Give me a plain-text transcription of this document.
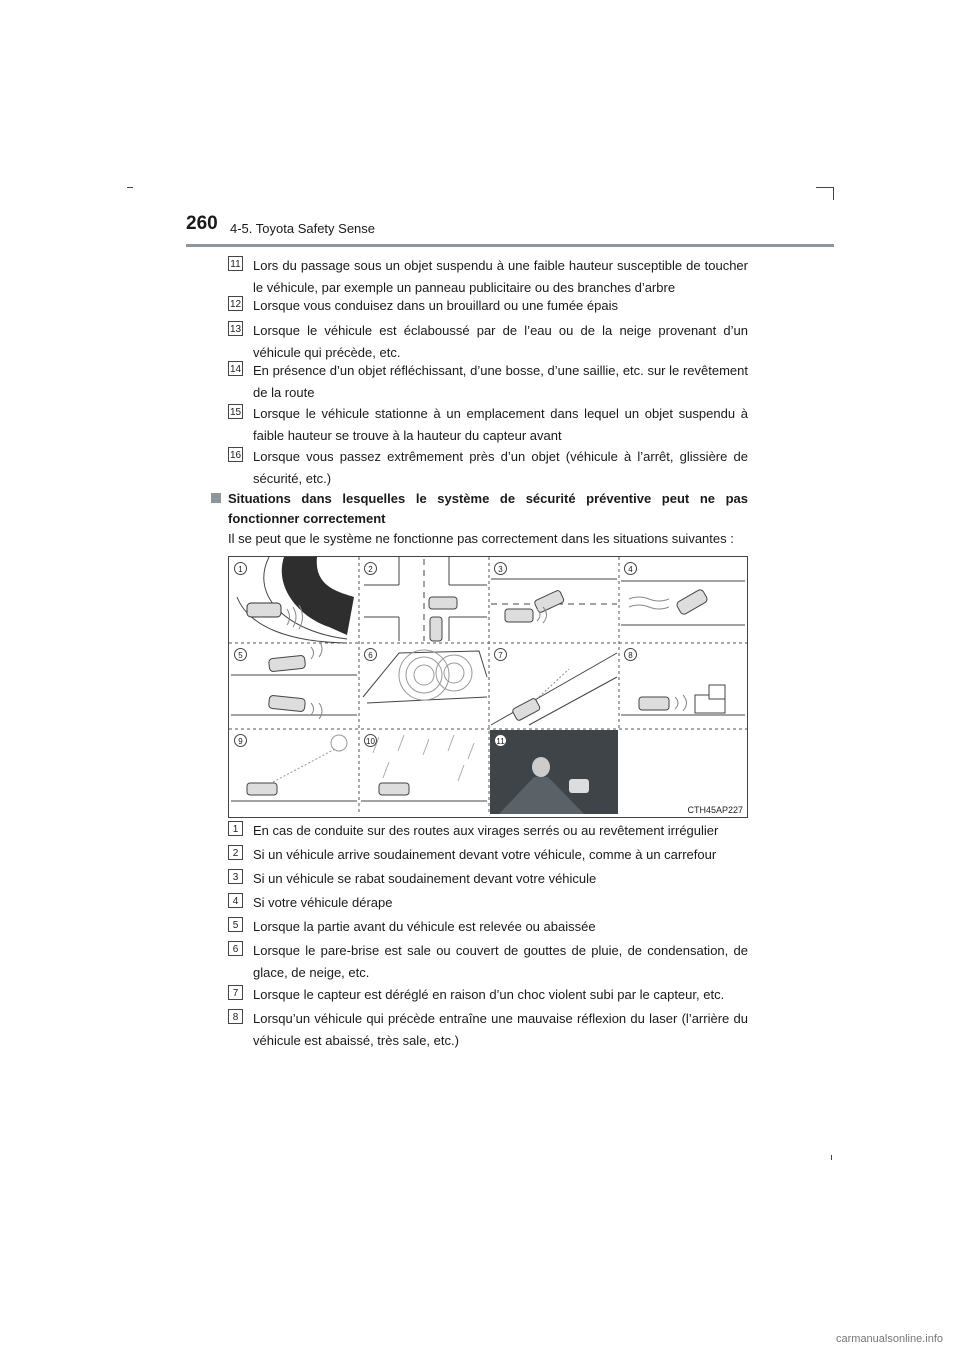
260 4-5. Toyota Safety Sense
11 Lors du passage sous un objet suspendu à une faible hauteur susceptible de toucher le véhicule, par exemple un panneau publicitaire ou des branches d’arbre
12 Lorsque vous conduisez dans un brouillard ou une fumée épais
13 Lorsque le véhicule est éclaboussé par de l’eau ou de la neige provenant d’un véhicule qui précède, etc.
14 En présence d’un objet réfléchissant, d’une bosse, d’une saillie, etc. sur le revêtement de la route
15 Lorsque le véhicule stationne à un emplacement dans lequel un objet suspendu à faible hauteur se trouve à la hauteur du capteur avant
16 Lorsque vous passez extrêmement près d’un objet (véhicule à l’arrêt, glissière de sécurité, etc.)
Situations dans lesquelles le système de sécurité préventive peut ne pas fonctionner correctement
Il se peut que le système ne fonctionne pas correctement dans les situations suivantes :
1	2	3	4
5	6	7	8
9	10	11
CTH45AP227
1	En cas de conduite sur des routes aux virages serrés ou au revêtement irrégulier
2	Si un véhicule arrive soudainement devant votre véhicule, comme à un carrefour
3	Si un véhicule se rabat soudainement devant votre véhicule
4	Si votre véhicule dérape
5	Lorsque la partie avant du véhicule est relevée ou abaissée
6	Lorsque le pare-brise est sale ou couvert de gouttes de pluie, de condensation, de glace, de neige, etc.
7	Lorsque le capteur est déréglé en raison d’un choc violent subi par le capteur, etc.
8	Lorsqu’un véhicule qui précède entraîne une mauvaise réflexion du laser (l’arrière du véhicule est abaissé, très sale, etc.)
carmanualsonline.info
